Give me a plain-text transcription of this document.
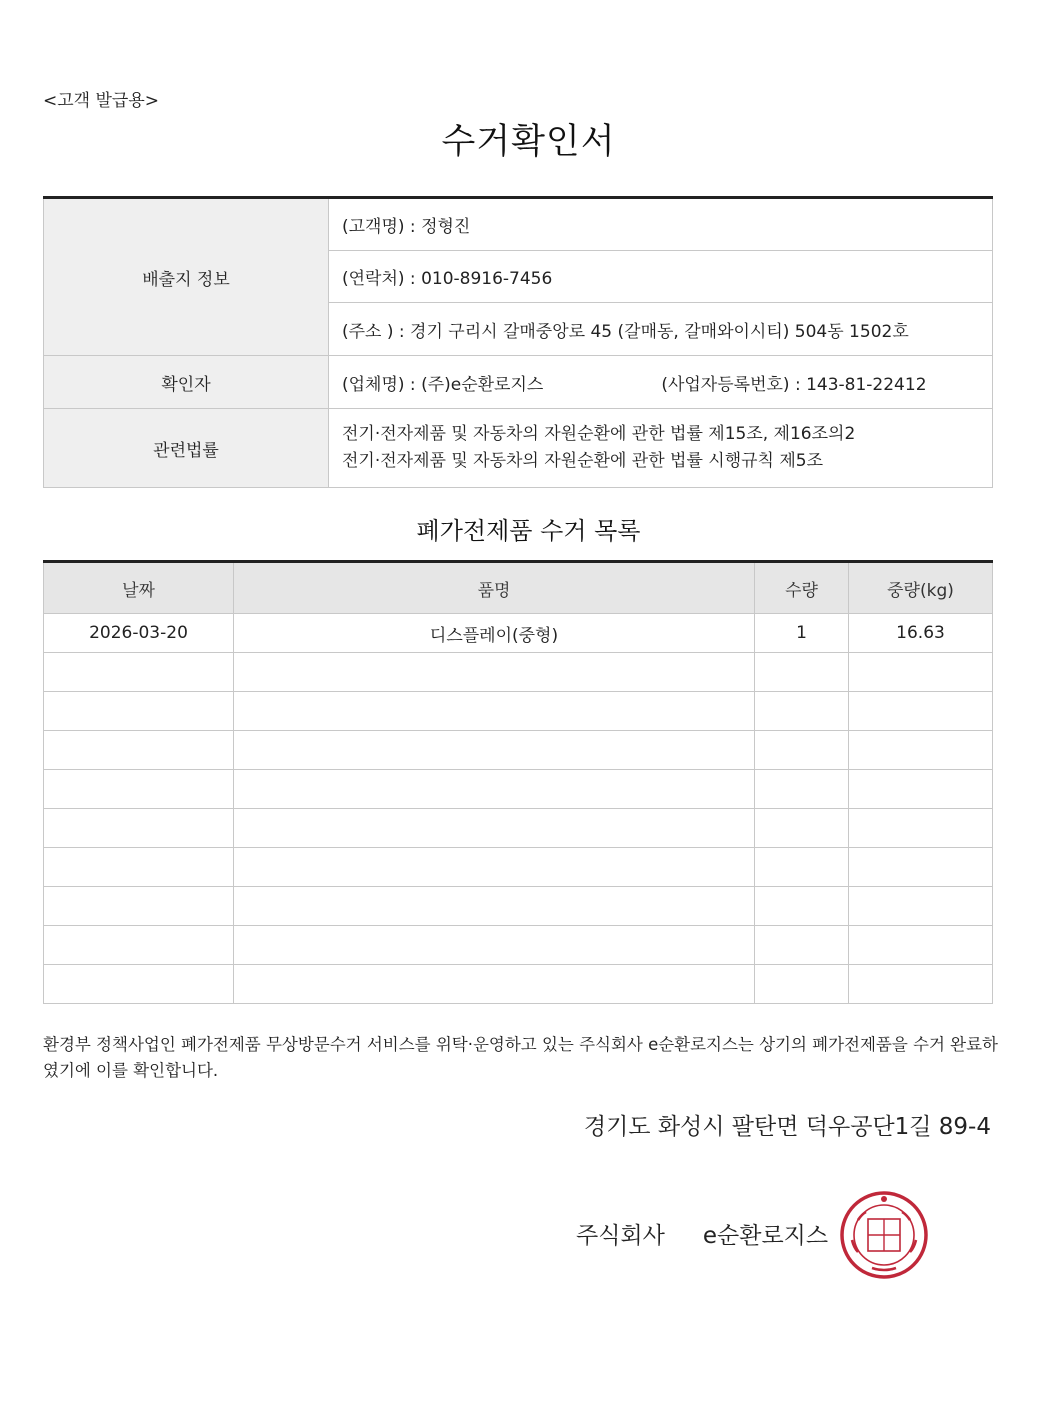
<고객 발급용>
수거확인서
배출지 정보	(고객명) : 정형진
	(연락처) : 010-8916-7456
	(주소 ) : 경기 구리시 갈매중앙로 45 (갈매동, 갈매와이시티) 504동 1502호
확인자	(업체명) : (주)e순환로지스 (사업자등록번호) : 143-81-22412
관련법률	전기·전자제품 및 자동차의 자원순환에 관한 법률 제15조, 제16조의2
전기·전자제품 및 자동차의 자원순환에 관한 법률 시행규칙 제5조
폐가전제품 수거 목록
날짜	품명	수량	중량(kg)
2026-03-20	디스플레이(중형)	1	16.63

환경부 정책사업인 폐가전제품 무상방문수거 서비스를 위탁·운영하고 있는 주식회사 e순환로지스는 상기의 폐가전제품을 수거 완료하였기에 이를 확인합니다.
경기도 화성시 팔탄면 덕우공단1길 89-4
주식회사 e순환로지스
